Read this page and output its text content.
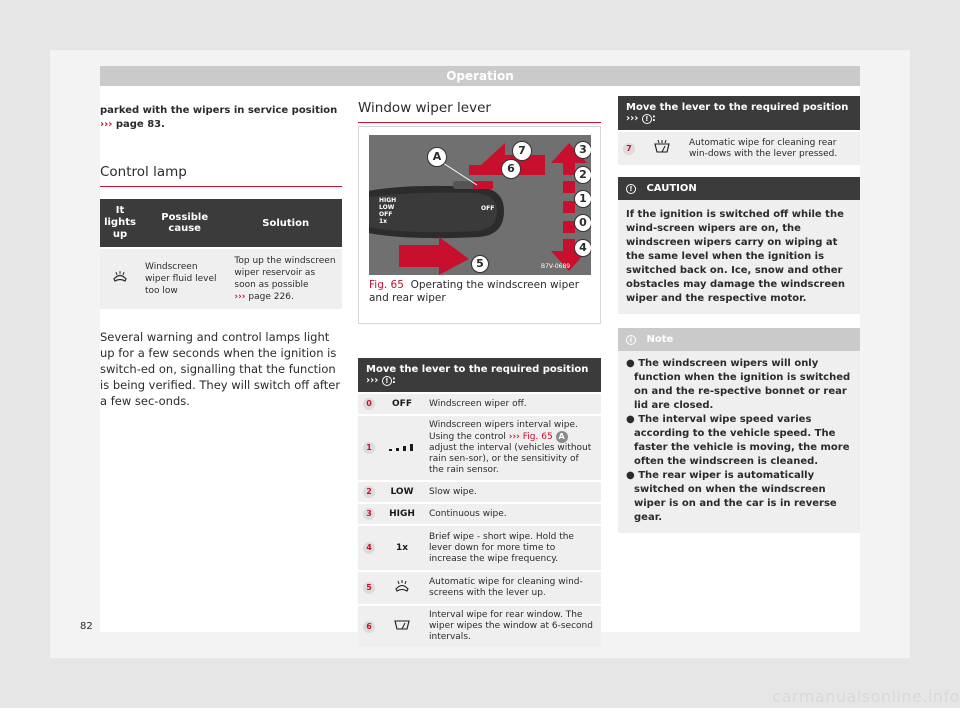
Operation
parked with the wipers in service position
››› page 83.
Control lamp
It lights up	Possible cause	Solution
	Windscreen wiper fluid level too low	Top up the windscreen wiper reservoir as soon as possible
››› page 226.
Several warning and control lamps light up for a few seconds when the ignition is switch-ed on, signalling that the function is being verified. They will switch off after a few sec-onds.
Window wiper lever
A	7
6
3
2
1
0
4
5
HIGH
LOW
OFF
1x
OFF
B7V-0689
Fig. 65 Operating the windscreen wiper and rear wiper
Move the lever to the required position ››› ! :		
0	OFF	Windscreen wiper off.
1		Windscreen wipers interval wipe. Using the control ››› Fig. 65 A adjust the interval (vehicles without rain sen-sor), or the sensitivity of the rain sensor.
2	LOW	Slow wipe.
3	HIGH	Continuous wipe.
4	1x	Brief wipe - short wipe. Hold the lever down for more time to increase the wipe frequency.
5		Automatic wipe for cleaning wind-screens with the lever up.
6		Interval wipe for rear window. The wiper wipes the window at 6-second intervals.
Move the lever to the required position ››› ! :
7		Automatic wipe for cleaning rear win-dows with the lever pressed.
! CAUTION
If the ignition is switched off while the wind-screen wipers are on, the windscreen wipers carry on wiping at the same level when the ignition is switched back on. Ice, snow and other obstacles may damage the windscreen wiper and the respective motor.
i Note
● The windscreen wipers will only function when the ignition is switched on and the re-spective bonnet or rear lid are closed.
● The interval wipe speed varies according to the vehicle speed. The faster the vehicle is moving, the more often the windscreen is cleaned.
● The rear wiper is automatically switched on when the windscreen wiper is on and the car is in reverse gear.
82
carmanualsonline.info
